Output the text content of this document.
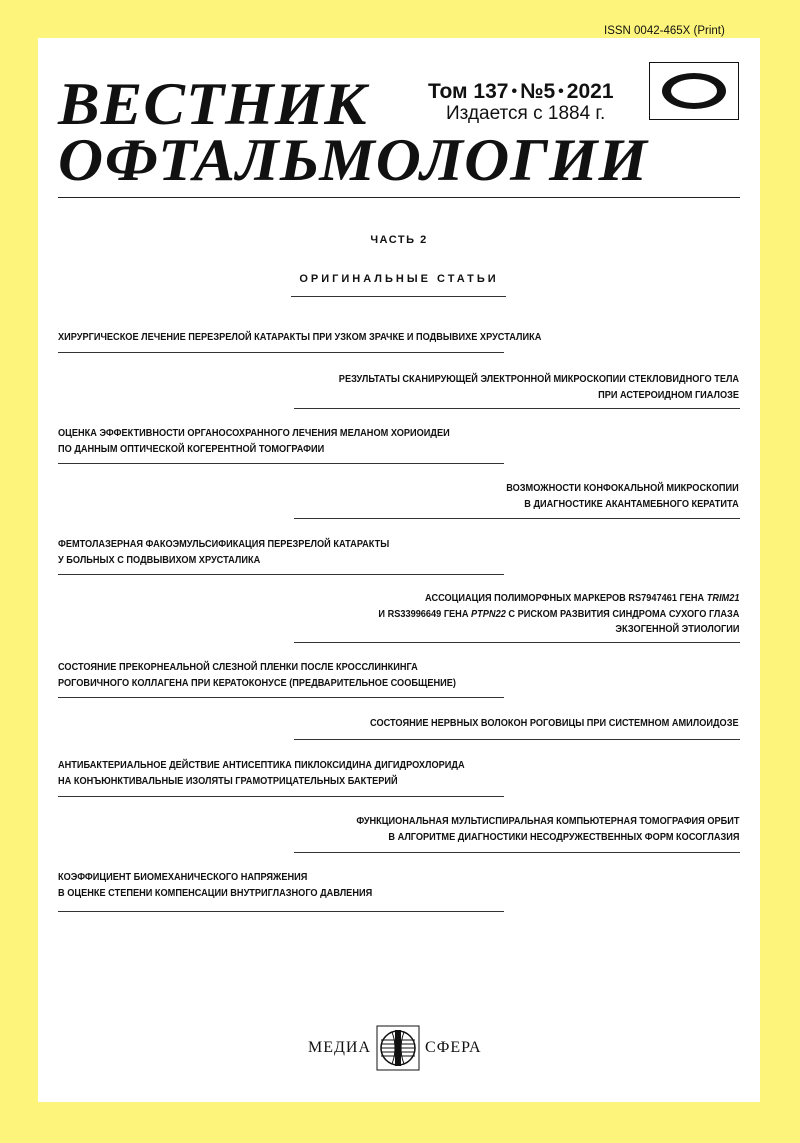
ISSN 0042-465X (Print)
ВЕСТНИК
ОФТАЛЬМОЛОГИИ
Том 137 • №5 • 2021
Издается с 1884 г.
ЧАСТЬ 2
ОРИГИНАЛЬНЫЕ СТАТЬИ
ХИРУРГИЧЕСКОЕ ЛЕЧЕНИЕ ПЕРЕЗРЕЛОЙ КАТАРАКТЫ ПРИ УЗКОМ ЗРАЧКЕ И ПОДВЫВИХЕ ХРУСТАЛИКА
РЕЗУЛЬТАТЫ СКАНИРУЮЩЕЙ ЭЛЕКТРОННОЙ МИКРОСКОПИИ СТЕКЛОВИДНОГО ТЕЛА
ПРИ АСТЕРОИДНОМ ГИАЛОЗЕ
ОЦЕНКА ЭФФЕКТИВНОСТИ ОРГАНОСОХРАННОГО ЛЕЧЕНИЯ МЕЛАНОМ ХОРИОИДЕИ
ПО ДАННЫМ ОПТИЧЕСКОЙ КОГЕРЕНТНОЙ ТОМОГРАФИИ
ВОЗМОЖНОСТИ КОНФОКАЛЬНОЙ МИКРОСКОПИИ
В ДИАГНОСТИКЕ АКАНТАМЕБНОГО КЕРАТИТА
ФЕМТОЛАЗЕРНАЯ ФАКОЭМУЛЬСИФИКАЦИЯ ПЕРЕЗРЕЛОЙ КАТАРАКТЫ
У БОЛЬНЫХ С ПОДВЫВИХОМ ХРУСТАЛИКА
АССОЦИАЦИЯ ПОЛИМОРФНЫХ МАРКЕРОВ RS7947461 ГЕНА TRIM21
И RS33996649 ГЕНА PTPN22 С РИСКОМ РАЗВИТИЯ СИНДРОМА СУХОГО ГЛАЗА
ЭКЗОГЕННОЙ ЭТИОЛОГИИ
СОСТОЯНИЕ ПРЕКОРНЕАЛЬНОЙ СЛЕЗНОЙ ПЛЕНКИ ПОСЛЕ КРОССЛИНКИНГА
РОГОВИЧНОГО КОЛЛАГЕНА ПРИ КЕРАТОКОНУСЕ (ПРЕДВАРИТЕЛЬНОЕ СООБЩЕНИЕ)
СОСТОЯНИЕ НЕРВНЫХ ВОЛОКОН РОГОВИЦЫ ПРИ СИСТЕМНОМ АМИЛОИДОЗЕ
АНТИБАКТЕРИАЛЬНОЕ ДЕЙСТВИЕ АНТИСЕПТИКА ПИКЛОКСИДИНА ДИГИДРОХЛОРИДА
НА КОНЪЮНКТИВАЛЬНЫЕ ИЗОЛЯТЫ ГРАМОТРИЦАТЕЛЬНЫХ БАКТЕРИЙ
ФУНКЦИОНАЛЬНАЯ МУЛЬТИСПИРАЛЬНАЯ КОМПЬЮТЕРНАЯ ТОМОГРАФИЯ ОРБИТ
В АЛГОРИТМЕ ДИАГНОСТИКИ НЕСОДРУЖЕСТВЕННЫХ ФОРМ КОСОГЛАЗИЯ
КОЭФФИЦИЕНТ БИОМЕХАНИЧЕСКОГО НАПРЯЖЕНИЯ
В ОЦЕНКЕ СТЕПЕНИ КОМПЕНСАЦИИ ВНУТРИГЛАЗНОГО ДАВЛЕНИЯ
МЕДИА	СФЕРА
